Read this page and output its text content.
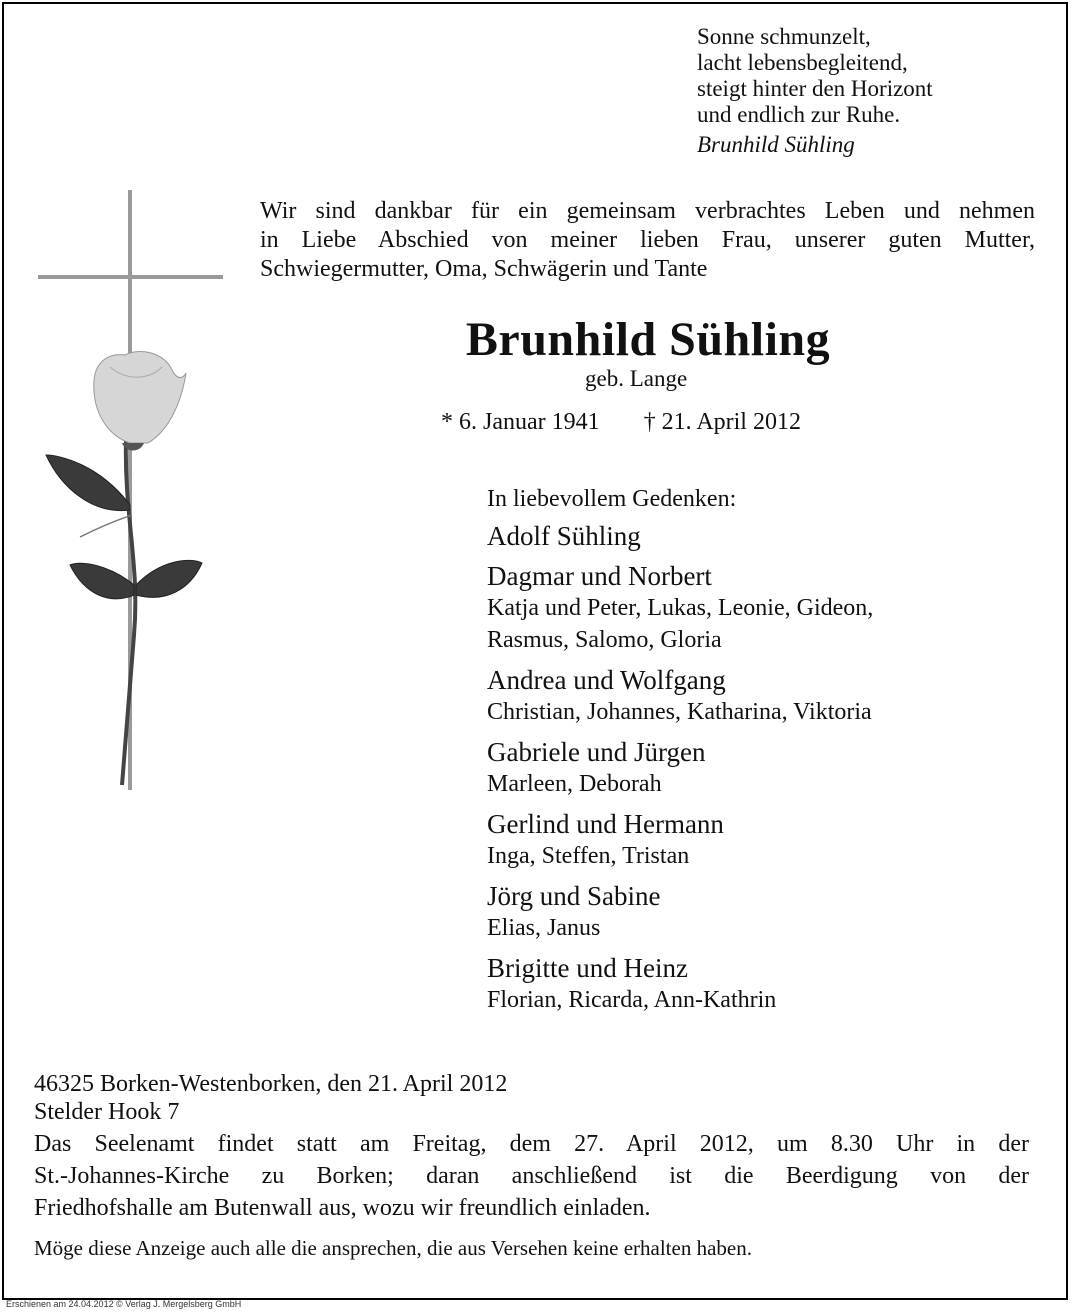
Sonne schmunzelt,
lacht lebensbegleitend,
steigt hinter den Horizont
und endlich zur Ruhe.
Brunhild Sühling
Wir sind dankbar für ein gemeinsam verbrachtes Leben und nehmen
in Liebe Abschied von meiner lieben Frau, unserer guten Mutter,
Schwiegermutter, Oma, Schwägerin und Tante
Brunhild Sühling
geb. Lange
* 6. Januar 1941 † 21. April 2012
In liebevollem Gedenken:
Adolf Sühling
Dagmar und Norbert
Katja und Peter, Lukas, Leonie, Gideon,
Rasmus, Salomo, Gloria
Andrea und Wolfgang
Christian, Johannes, Katharina, Viktoria
Gabriele und Jürgen
Marleen, Deborah
Gerlind und Hermann
Inga, Steffen, Tristan
Jörg und Sabine
Elias, Janus
Brigitte und Heinz
Florian, Ricarda, Ann-Kathrin
46325 Borken-Westenborken, den 21. April 2012
Stelder Hook 7
Das Seelenamt findet statt am Freitag, dem 27. April 2012, um 8.30 Uhr in der
St.-Johannes-Kirche zu Borken; daran anschließend ist die Beerdigung von der
Friedhofshalle am Butenwall aus, wozu wir freundlich einladen.
Möge diese Anzeige auch alle die ansprechen, die aus Versehen keine erhalten haben.
Erschienen am 24.04.2012 © Verlag J. Mergelsberg GmbH
